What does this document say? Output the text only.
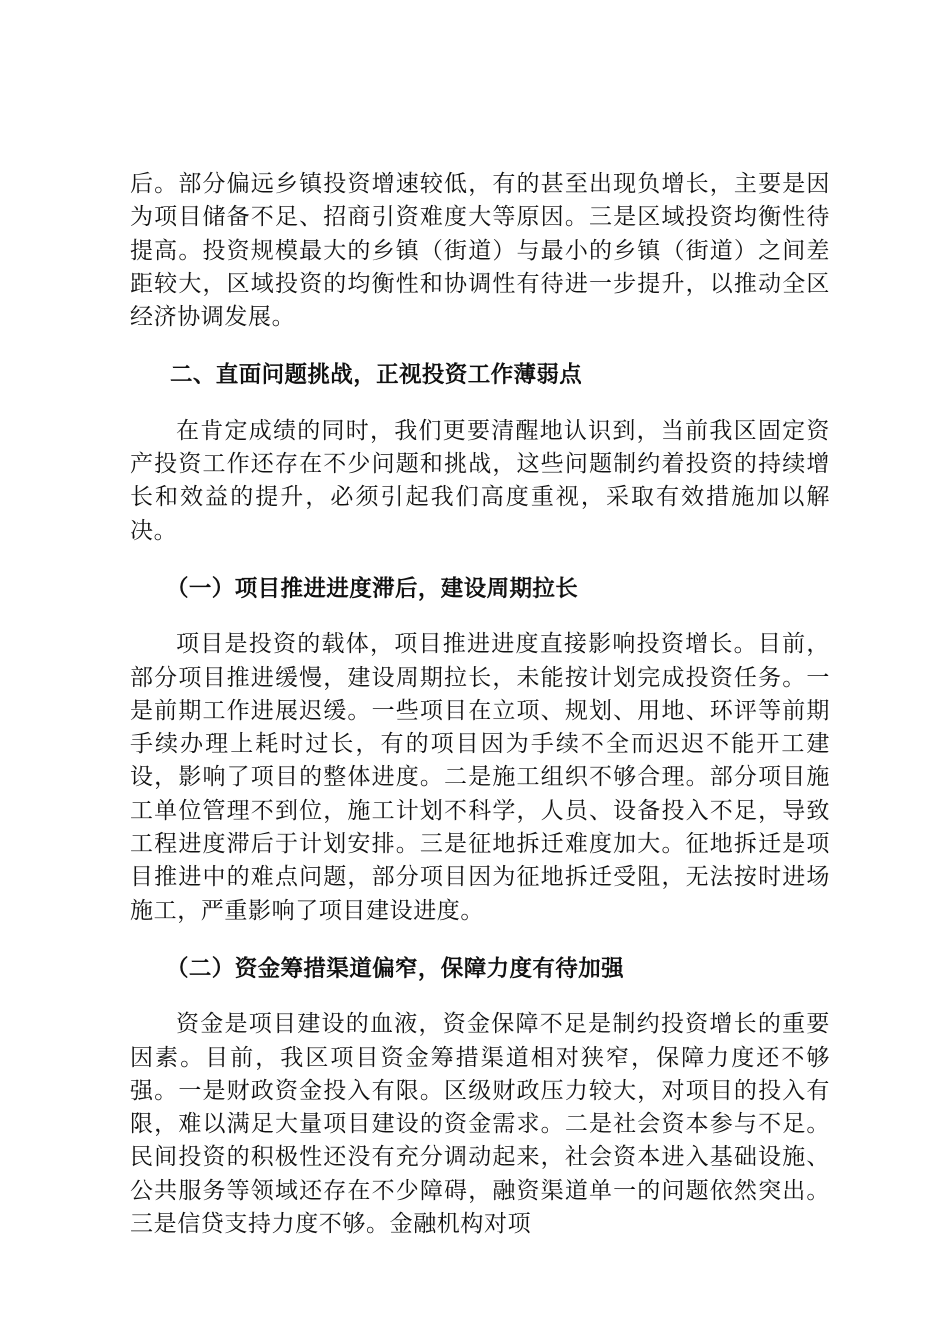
后。部分偏远乡镇投资增速较低，有的甚至出现负增长，主要是因为项目储备不足、招商引资难度大等原因。三是区域投资均衡性待提高。投资规模最大的乡镇（街道）与最小的乡镇（街道）之间差距较大，区域投资的均衡性和协调性有待进一步提升，以推动全区经济协调发展。

二、直面问题挑战，正视投资工作薄弱点

在肯定成绩的同时，我们更要清醒地认识到，当前我区固定资产投资工作还存在不少问题和挑战，这些问题制约着投资的持续增长和效益的提升，必须引起我们高度重视，采取有效措施加以解决。

（一）项目推进进度滞后，建设周期拉长

项目是投资的载体，项目推进进度直接影响投资增长。目前，部分项目推进缓慢，建设周期拉长，未能按计划完成投资任务。一是前期工作进展迟缓。一些项目在立项、规划、用地、环评等前期手续办理上耗时过长，有的项目因为手续不全而迟迟不能开工建设，影响了项目的整体进度。二是施工组织不够合理。部分项目施工单位管理不到位，施工计划不科学，人员、设备投入不足，导致工程进度滞后于计划安排。三是征地拆迁难度加大。征地拆迁是项目推进中的难点问题，部分项目因为征地拆迁受阻，无法按时进场施工，严重影响了项目建设进度。

（二）资金筹措渠道偏窄，保障力度有待加强

资金是项目建设的血液，资金保障不足是制约投资增长的重要因素。目前，我区项目资金筹措渠道相对狭窄，保障力度还不够强。一是财政资金投入有限。区级财政压力较大，对项目的投入有限，难以满足大量项目建设的资金需求。二是社会资本参与不足。民间投资的积极性还没有充分调动起来，社会资本进入基础设施、公共服务等领域还存在不少障碍，融资渠道单一的问题依然突出。三是信贷支持力度不够。金融机构对项
